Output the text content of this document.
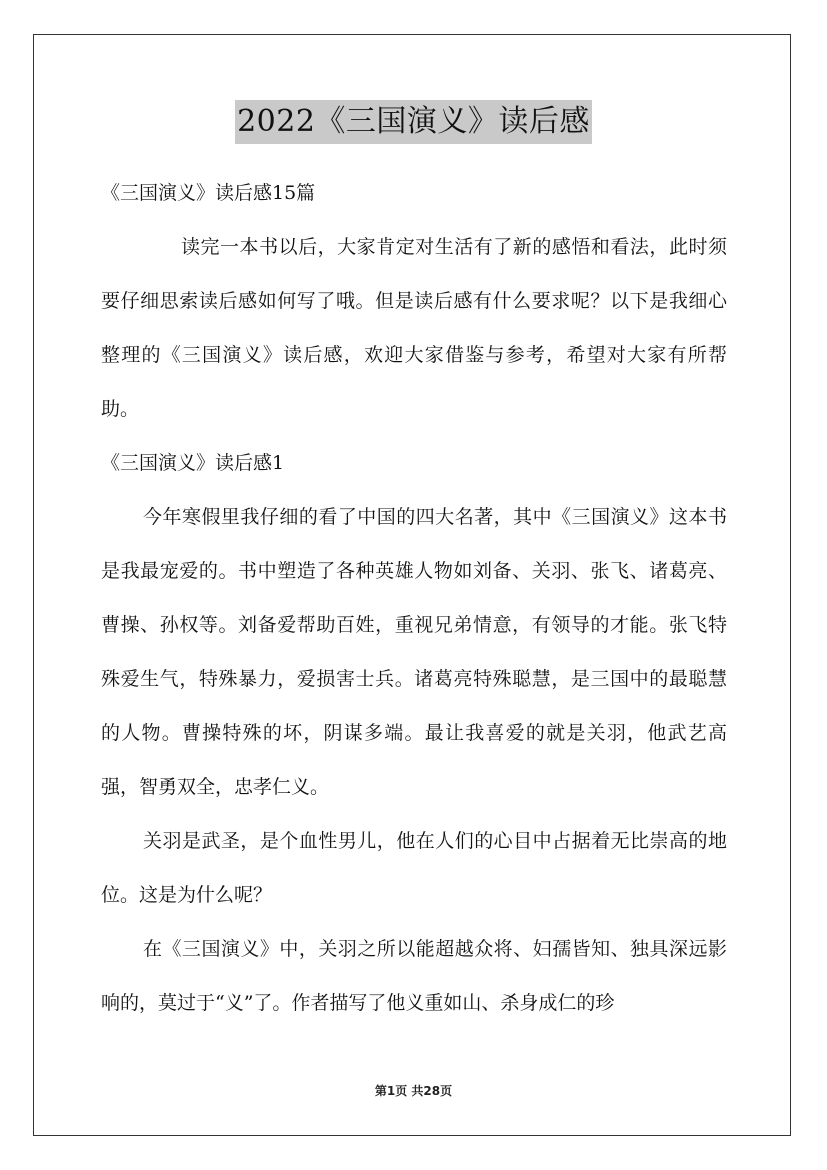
2022《三国演义》读后感

《三国演义》读后感15篇

读完一本书以后，大家肯定对生活有了新的感悟和看法，此时须要仔细思索读后感如何写了哦。但是读后感有什么要求呢？以下是我细心整理的《三国演义》读后感，欢迎大家借鉴与参考，希望对大家有所帮助。

《三国演义》读后感1

今年寒假里我仔细的看了中国的四大名著，其中《三国演义》这本书是我最宠爱的。书中塑造了各种英雄人物如刘备、关羽、张飞、诸葛亮、曹操、孙权等。刘备爱帮助百姓，重视兄弟情意，有领导的才能。张飞特殊爱生气，特殊暴力，爱损害士兵。诸葛亮特殊聪慧，是三国中的最聪慧的人物。曹操特殊的坏，阴谋多端。最让我喜爱的就是关羽，他武艺高强，智勇双全，忠孝仁义。

关羽是武圣，是个血性男儿，他在人们的心目中占据着无比崇高的地位。这是为什么呢？

在《三国演义》中，关羽之所以能超越众将、妇孺皆知、独具深远影响的，莫过于“义”了。作者描写了他义重如山、杀身成仁的珍

第1页 共28页
